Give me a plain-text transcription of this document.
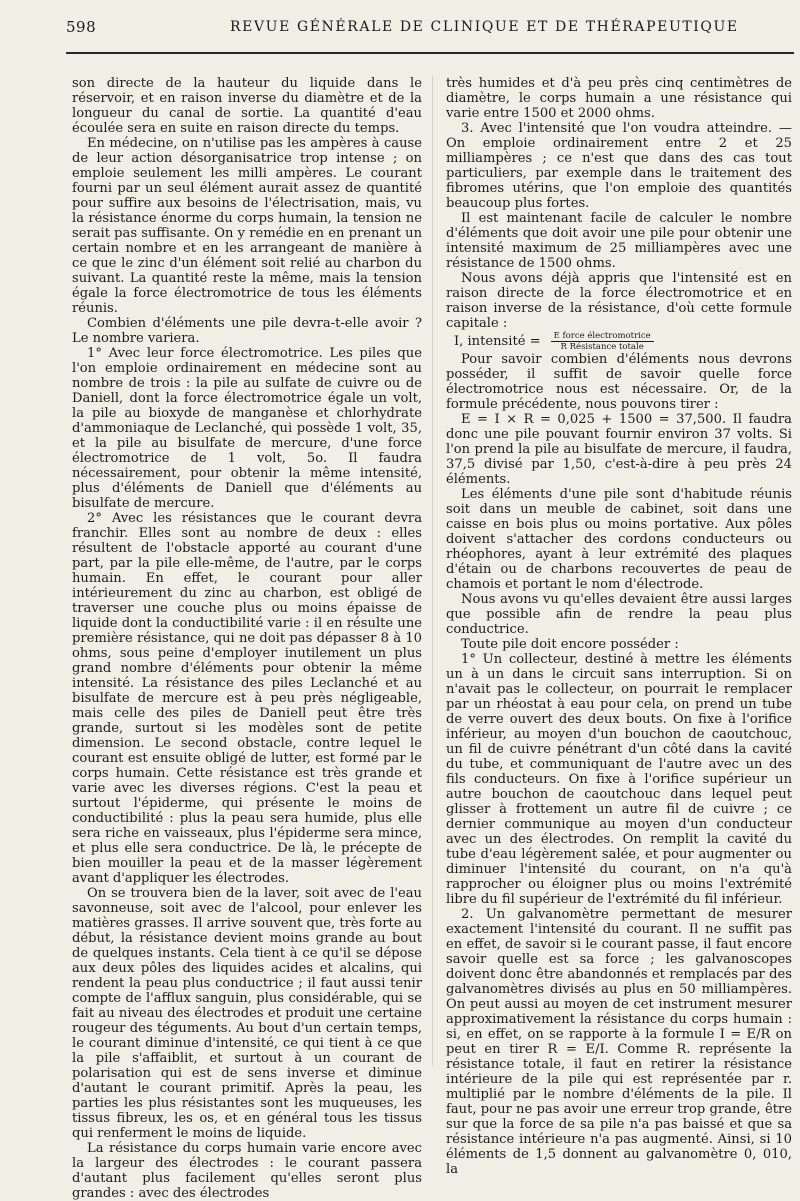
598	REVUE GÉNÉRALE DE CLINIQUE ET DE THÉRAPEUTIQUE

son directe de la hauteur du liquide dans le réservoir, et en raison inverse du diamètre et de la longueur du canal de sortie. La quantité d'eau écoulée sera en suite en raison directe du temps.

En médecine, on n'utilise pas les ampères à cause de leur action désorganisatrice trop intense ; on emploie seulement les milli ampères. Le courant fourni par un seul élément aurait assez de quantité pour suffire aux besoins de l'électrisation, mais, vu la résistance énorme du corps humain, la tension ne serait pas suffisante. On y remédie en en prenant un certain nombre et en les arrangeant de manière à ce que le zinc d'un élément soit relié au charbon du suivant. La quantité reste la même, mais la tension égale la force électromotrice de tous les éléments réunis.

Combien d'éléments une pile devra-t-elle avoir ? Le nombre variera.

1° Avec leur force électromotrice. Les piles que l'on emploie ordinairement en médecine sont au nombre de trois : la pile au sulfate de cuivre ou de Daniell, dont la force électromotrice égale un volt, la pile au bioxyde de manganèse et chlorhydrate d'ammoniaque de Leclanché, qui possède 1 volt, 35, et la pile au bisulfate de mercure, d'une force électromotrice de 1 volt, 5o. Il faudra nécessairement, pour obtenir la même intensité, plus d'éléments de Daniell que d'éléments au bisulfate de mercure.

2° Avec les résistances que le courant devra franchir. Elles sont au nombre de deux : elles résultent de l'obstacle apporté au courant d'une part, par la pile elle-même, de l'autre, par le corps humain. En effet, le courant pour aller intérieurement du zinc au charbon, est obligé de traverser une couche plus ou moins épaisse de liquide dont la conductibilité varie : il en résulte une première résistance, qui ne doit pas dépasser 8 à 10 ohms, sous peine d'employer inutilement un plus grand nombre d'éléments pour obtenir la même intensité. La résistance des piles Leclanché et au bisulfate de mercure est à peu près négligeable, mais celle des piles de Daniell peut être très grande, surtout si les modèles sont de petite dimension. Le second obstacle, contre lequel le courant est ensuite obligé de lutter, est formé par le corps humain. Cette résistance est très grande et varie avec les diverses régions. C'est la peau et surtout l'épiderme, qui présente le moins de conductibilité : plus la peau sera humide, plus elle sera riche en vaisseaux, plus l'épiderme sera mince, et plus elle sera conductrice. De là, le précepte de bien mouiller la peau et de la masser légèrement avant d'appliquer les électrodes.

On se trouvera bien de la laver, soit avec de l'eau savonneuse, soit avec de l'alcool, pour enlever les matières grasses. Il arrive souvent que, très forte au début, la résistance devient moins grande au bout de quelques instants. Cela tient à ce qu'il se dépose aux deux pôles des liquides acides et alcalins, qui rendent la peau plus conductrice ; il faut aussi tenir compte de l'afflux sanguin, plus considérable, qui se fait au niveau des électrodes et produit une certaine rougeur des téguments. Au bout d'un certain temps, le courant diminue d'intensité, ce qui tient à ce que la pile s'affaiblit, et surtout à un courant de polarisation qui est de sens inverse et diminue d'autant le courant primitif. Après la peau, les parties les plus résistantes sont les muqueuses, les tissus fibreux, les os, et en général tous les tissus qui renferment le moins de liquide.

La résistance du corps humain varie encore avec la largeur des électrodes : le courant passera d'autant plus facilement qu'elles seront plus grandes : avec des électrodes

très humides et d'à peu près cinq centimètres de diamètre, le corps humain a une résistance qui varie entre 1500 et 2000 ohms.

3. Avec l'intensité que l'on voudra atteindre. — On emploie ordinairement entre 2 et 25 milliampères ; ce n'est que dans des cas tout particuliers, par exemple dans le traitement des fibromes utérins, que l'on emploie des quantités beaucoup plus fortes.

Il est maintenant facile de calculer le nombre d'éléments que doit avoir une pile pour obtenir une intensité maximum de 25 milliampères avec une résistance de 1500 ohms.

Nous avons déjà appris que l'intensité est en raison directe de la force électromotrice et en raison inverse de la résistance, d'où cette formule capitale :

I, intensité = $\frac{\text{E force électromotrice}}{\text{R Résistance totale}}$

Pour savoir combien d'éléments nous devrons posséder, il suffit de savoir quelle force électromotrice nous est nécessaire. Or, de la formule précédente, nous pouvons tirer :

E = I × R = 0,025 + 1500 = 37,500. Il faudra donc une pile pouvant fournir environ 37 volts. Si l'on prend la pile au bisulfate de mercure, il faudra, 37,5 divisé par 1,50, c'est-à-dire à peu près 24 éléments.

Les éléments d'une pile sont d'habitude réunis soit dans un meuble de cabinet, soit dans une caisse en bois plus ou moins portative. Aux pôles doivent s'attacher des cordons conducteurs ou rhéophores, ayant à leur extrémité des plaques d'étain ou de charbons recouvertes de peau de chamois et portant le nom d'électrode.

Nous avons vu qu'elles devaient être aussi larges que possible afin de rendre la peau plus conductrice.

Toute pile doit encore posséder :

1° Un collecteur, destiné à mettre les éléments un à un dans le circuit sans interruption. Si on n'avait pas le collecteur, on pourrait le remplacer par un rhéostat à eau pour cela, on prend un tube de verre ouvert des deux bouts. On fixe à l'orifice inférieur, au moyen d'un bouchon de caoutchouc, un fil de cuivre pénétrant d'un côté dans la cavité du tube, et communiquant de l'autre avec un des fils conducteurs. On fixe à l'orifice supérieur un autre bouchon de caoutchouc dans lequel peut glisser à frottement un autre fil de cuivre ; ce dernier communique au moyen d'un conducteur avec un des électrodes. On remplit la cavité du tube d'eau légèrement salée, et pour augmenter ou diminuer l'intensité du courant, on n'a qu'à rapprocher ou éloigner plus ou moins l'extrémité libre du fil supérieur de l'extrémité du fil inférieur.

2. Un galvanomètre permettant de mesurer exactement l'intensité du courant. Il ne suffit pas en effet, de savoir si le courant passe, il faut encore savoir quelle est sa force ; les galvanoscopes doivent donc être abandonnés et remplacés par des galvanomètres divisés au plus en 50 milliampères. On peut aussi au moyen de cet instrument mesurer approximativement la résistance du corps humain : si, en effet, on se rapporte à la formule I = E/R on peut en tirer R = E/I. Comme R. représente la résistance totale, il faut en retirer la résistance intérieure de la pile qui est représentée par r. multiplié par le nombre d'éléments de la pile. Il faut, pour ne pas avoir une erreur trop grande, être sur que la force de sa pile n'a pas baissé et que sa résistance intérieure n'a pas augmenté. Ainsi, si 10 éléments de 1,5 donnent au galvanomètre 0, 010, la
